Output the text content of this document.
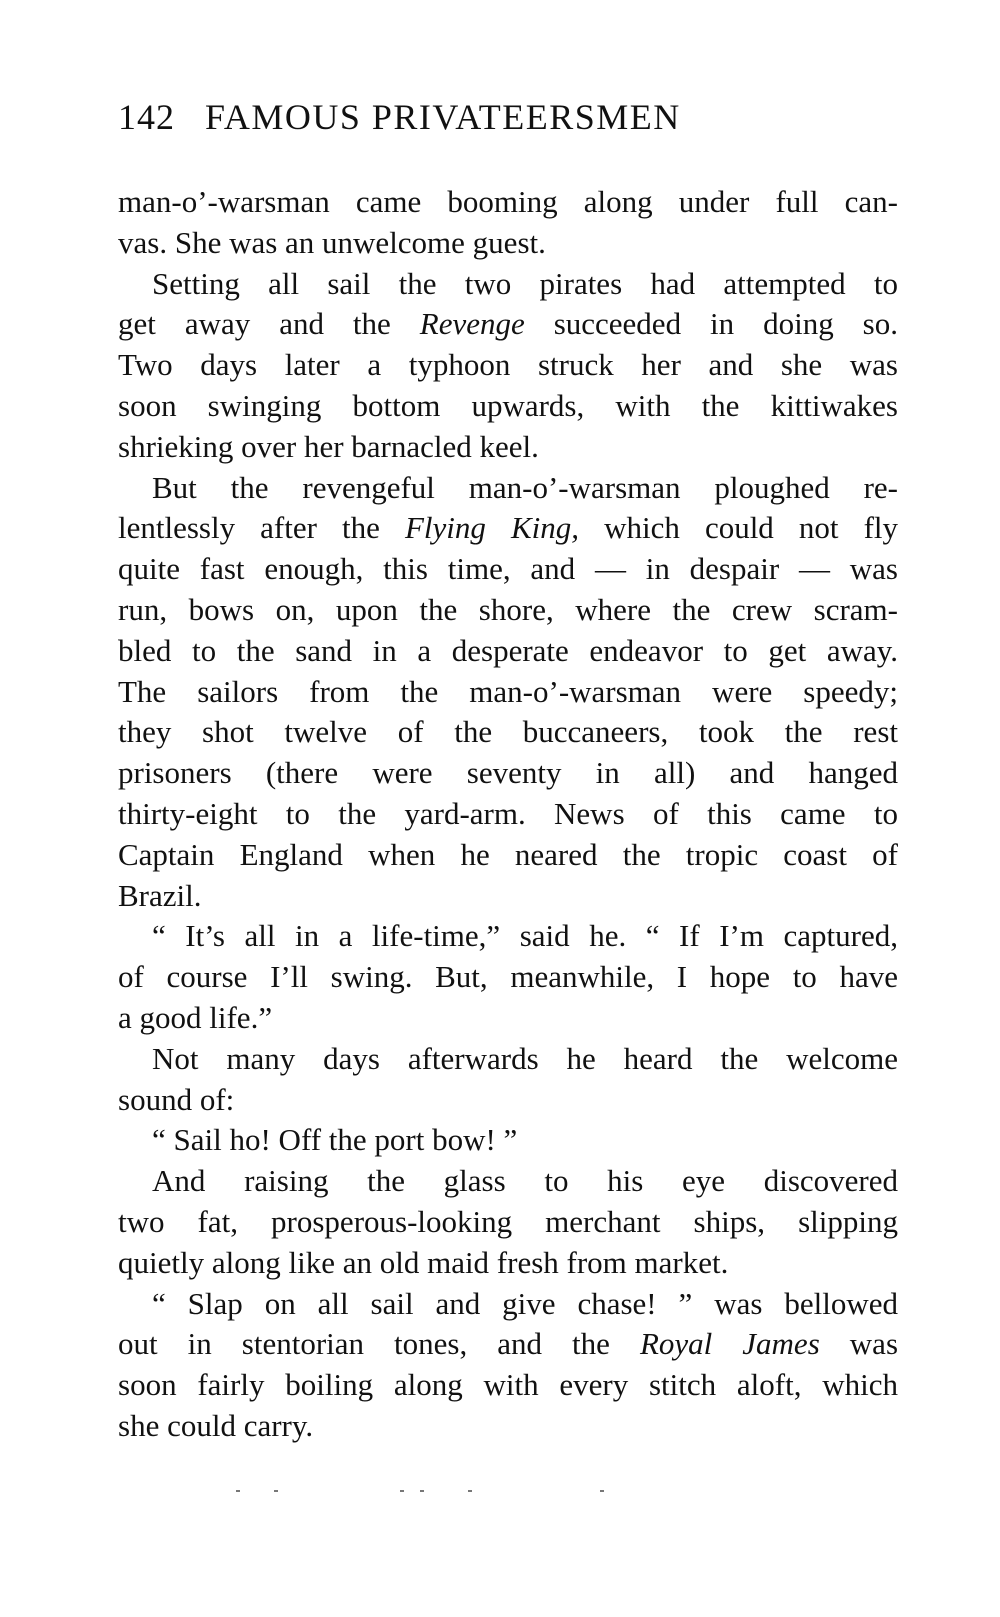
142 FAMOUS PRIVATEERSMEN
man-o’-warsman came booming along under full can-
vas. She was an unwelcome guest.
Setting all sail the two pirates had attempted to
get away and the Revenge succeeded in doing so.
Two days later a typhoon struck her and she was
soon swinging bottom upwards, with the kittiwakes
shrieking over her barnacled keel.
But the revengeful man-o’-warsman ploughed re-
lentlessly after the Flying King, which could not fly
quite fast enough, this time, and — in despair — was
run, bows on, upon the shore, where the crew scram-
bled to the sand in a desperate endeavor to get away.
The sailors from the man-o’-warsman were speedy;
they shot twelve of the buccaneers, took the rest
prisoners (there were seventy in all) and hanged
thirty-eight to the yard-arm. News of this came to
Captain England when he neared the tropic coast of
Brazil.
“ It’s all in a life-time,” said he. “ If I’m captured,
of course I’ll swing. But, meanwhile, I hope to have
a good life.”
Not many days afterwards he heard the welcome
sound of:
“ Sail ho! Off the port bow! ”
And raising the glass to his eye discovered
two fat, prosperous-looking merchant ships, slipping
quietly along like an old maid fresh from market.
“ Slap on all sail and give chase! ” was bellowed
out in stentorian tones, and the Royal James was
soon fairly boiling along with every stitch aloft, which
she could carry.
